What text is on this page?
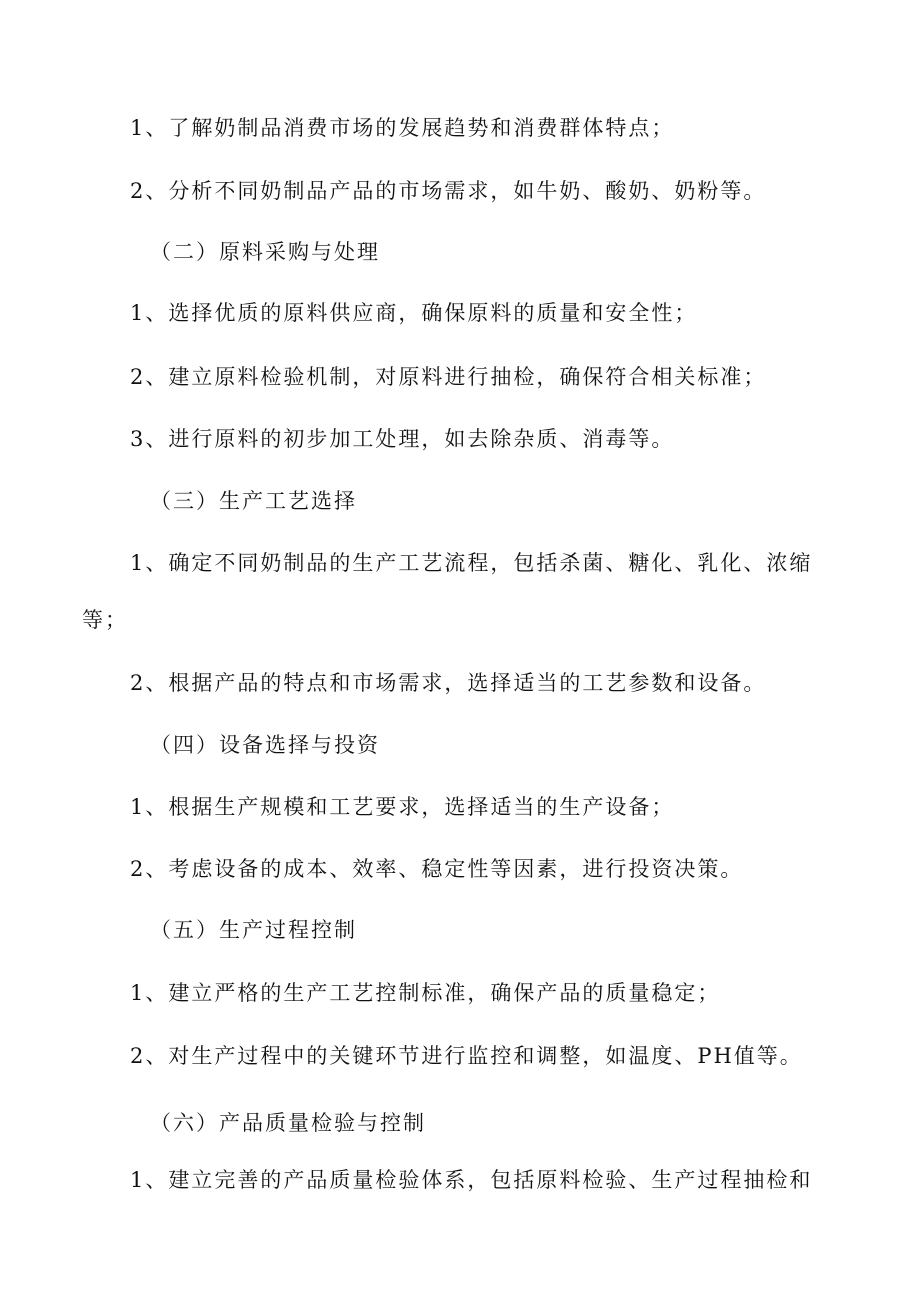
1、了解奶制品消费市场的发展趋势和消费群体特点；
2、分析不同奶制品产品的市场需求，如牛奶、酸奶、奶粉等。
（二）原料采购与处理
1、选择优质的原料供应商，确保原料的质量和安全性；
2、建立原料检验机制，对原料进行抽检，确保符合相关标准；
3、进行原料的初步加工处理，如去除杂质、消毒等。
（三）生产工艺选择
1、确定不同奶制品的生产工艺流程，包括杀菌、糖化、乳化、浓缩
等；
2、根据产品的特点和市场需求，选择适当的工艺参数和设备。
（四）设备选择与投资
1、根据生产规模和工艺要求，选择适当的生产设备；
2、考虑设备的成本、效率、稳定性等因素，进行投资决策。
（五）生产过程控制
1、建立严格的生产工艺控制标准，确保产品的质量稳定；
2、对生产过程中的关键环节进行监控和调整，如温度、PH值等。
（六）产品质量检验与控制
1、建立完善的产品质量检验体系，包括原料检验、生产过程抽检和
